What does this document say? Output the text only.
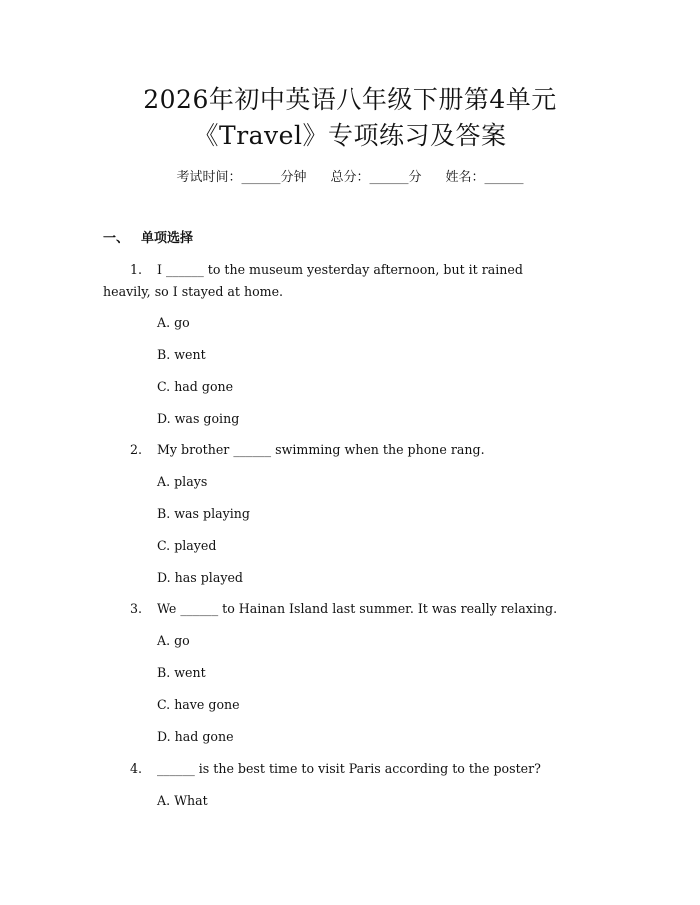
2026年初中英语八年级下册第4单元
《Travel》专项练习及答案
考试时间：______分钟 总分：______分 姓名：______
一、 单项选择
1. I ______ to the museum yesterday afternoon, but it rained
heavily, so I stayed at home.
A. go
B. went
C. had gone
D. was going
2. My brother ______ swimming when the phone rang.
A. plays
B. was playing
C. played
D. has played
3. We ______ to Hainan Island last summer. It was really relaxing.
A. go
B. went
C. have gone
D. had gone
4. ______ is the best time to visit Paris according to the poster?
A. What
